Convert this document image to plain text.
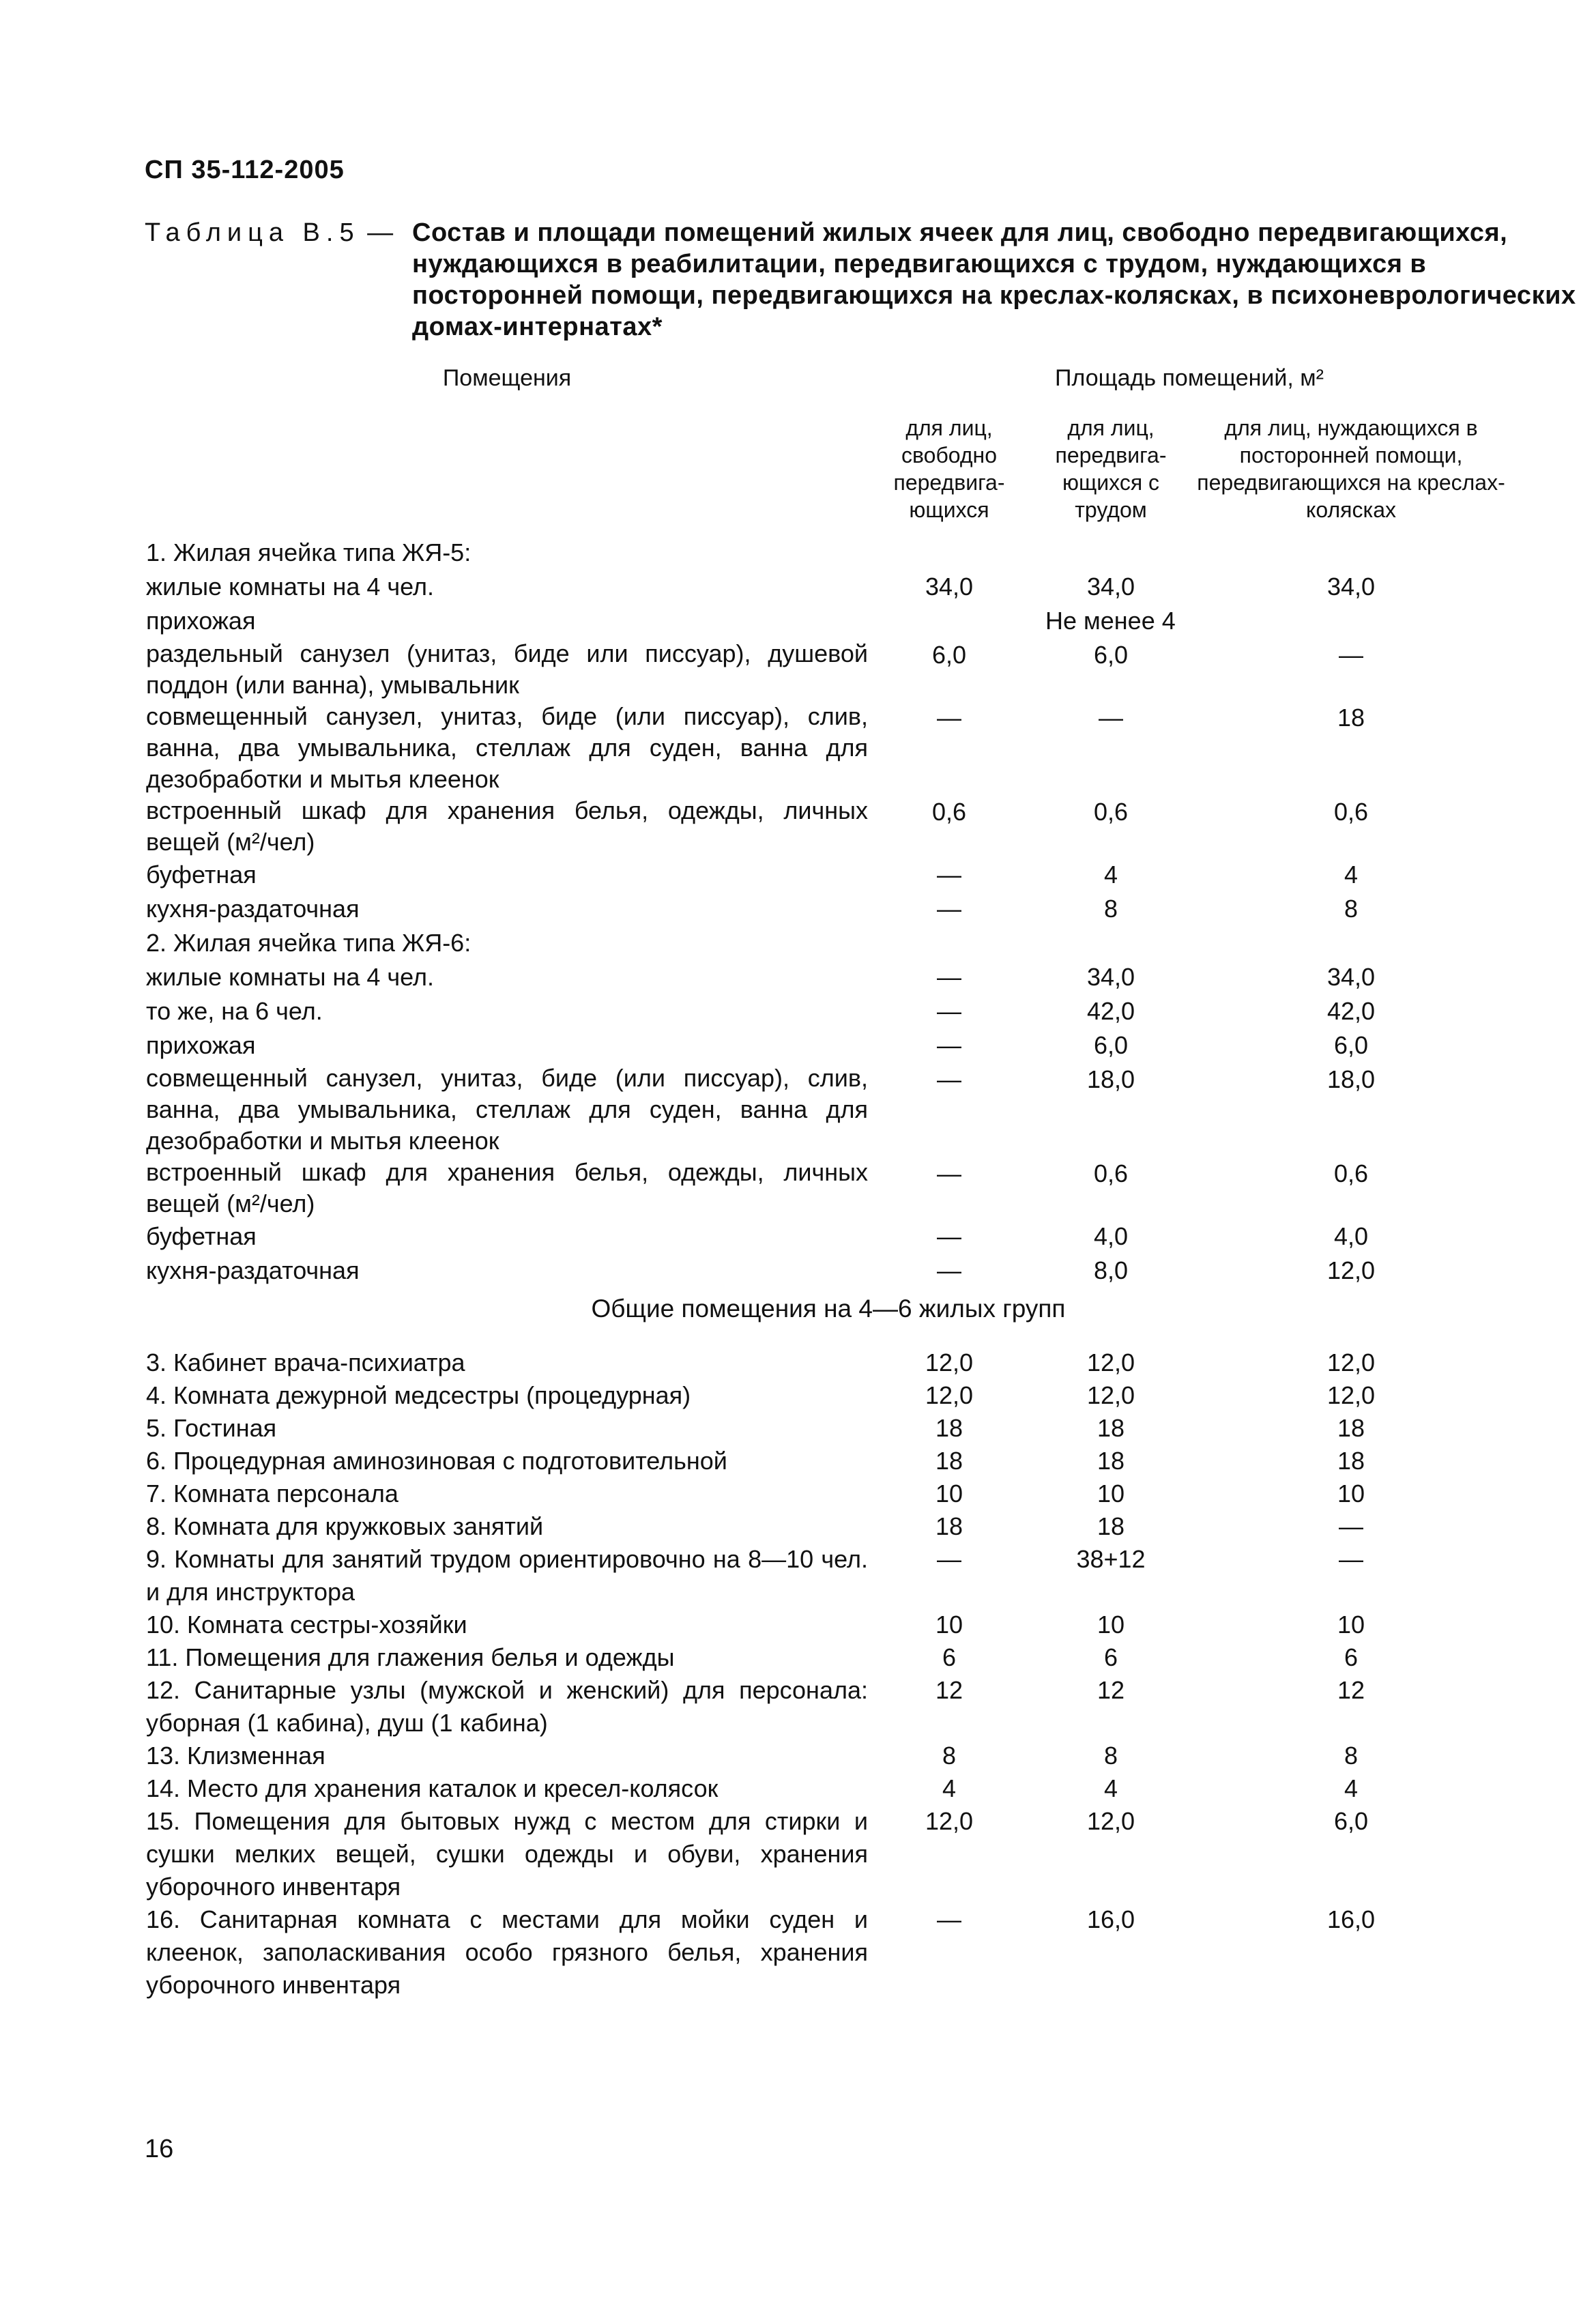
СП 35-112-2005
Таблица В.5 — Состав и площади помещений жилых ячеек для лиц, свободно передвигающихся, нуждающихся в реабилитации, передвигающихся с трудом, нуждающихся в посторонней помощи, передвигающихся на креслах-колясках, в психоневрологических домах-интернатах*
Помещения	Площадь помещений, м²		
	для лиц, свободно передвига-ющихся	для лиц, передвига-ющихся с трудом	для лиц, нуждающихся в посторонней помощи, передвигающихся на креслах-колясках
1. Жилая ячейка типа ЖЯ-5:			
жилые комнаты на 4 чел.	34,0	34,0	34,0
прихожая	Не менее 4		
раздельный санузел (унитаз, биде или писсуар), душевой поддон (или ванна), умывальник	6,0	6,0	—
совмещенный санузел, унитаз, биде (или писсуар), слив, ванна, два умывальника, стеллаж для суден, ванна для дезобработки и мытья клеенок	—	—	18
встроенный шкаф для хранения белья, одежды, личных вещей (м²/чел)	0,6	0,6	0,6
буфетная	—	4	4
кухня-раздаточная	—	8	8
2. Жилая ячейка типа ЖЯ-6:			
жилые комнаты на 4 чел.	—	34,0	34,0
то же, на 6 чел.	—	42,0	42,0
прихожая	—	6,0	6,0
совмещенный санузел, унитаз, биде (или писсуар), слив, ванна, два умывальника, стеллаж для суден, ванна для дезобработки и мытья клеенок	—	18,0	18,0
встроенный шкаф для хранения белья, одежды, личных вещей (м²/чел)	—	0,6	0,6
буфетная	—	4,0	4,0
кухня-раздаточная	—	8,0	12,0
Общие помещения на 4—6 жилых групп			
3. Кабинет врача-психиатра	12,0	12,0	12,0
4. Комната дежурной медсестры (процедурная)	12,0	12,0	12,0
5. Гостиная	18	18	18
6. Процедурная аминозиновая с подготовительной	18	18	18
7. Комната персонала	10	10	10
8. Комната для кружковых занятий	18	18	—
9. Комнаты для занятий трудом ориентировочно на 8—10 чел. и для инструктора	—	38+12	—
10. Комната сестры-хозяйки	10	10	10
11. Помещения для глажения белья и одежды	6	6	6
12. Санитарные узлы (мужской и женский) для персонала: уборная (1 кабина), душ (1 кабина)	12	12	12
13. Клизменная	8	8	8
14. Место для хранения каталок и кресел-колясок	4	4	4
15. Помещения для бытовых нужд с местом для стирки и сушки мелких вещей, сушки одежды и обуви, хранения уборочного инвентаря	12,0	12,0	6,0
16. Санитарная комната с местами для мойки суден и клеенок, заполаскивания особо грязного белья, хранения уборочного инвентаря	—	16,0	16,0
16
